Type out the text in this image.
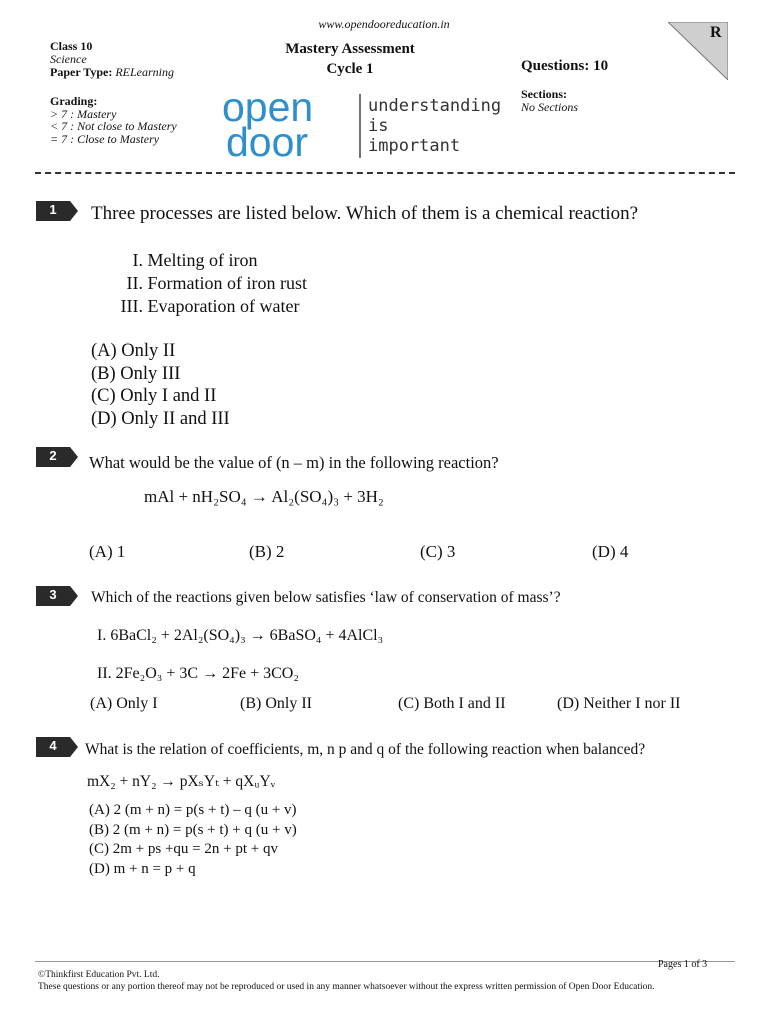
www.opendooreducation.in
Class 10
Science
Paper Type: RELearning
Grading:
> 7 : Mastery
< 7 : Not close to Mastery
= 7 : Close to Mastery
Mastery Assessment
Cycle 1	Questions: 10
Sections:
No Sections
R
open
door
understanding
is
important
1	Three processes are listed below. Which of them is a chemical reaction?
I.
Melting of iron
II.
Formation of iron rust
III.
Evaporation of water
(A) Only II
(B) Only III
(C) Only I and II
(D) Only II and III
2	What would be the value of (n – m) in the following reaction?
mAl + nH₂SO₄ → Al₂(SO₄)₃ + 3H₂
(A) 1	(B) 2	(C) 3	(D) 4
3	Which of the reactions given below satisfies ‘law of conservation of mass’?
I. 6BaCl₂ + 2Al₂(SO₄)₃ → 6BaSO₄ + 4AlCl₃
II. 2Fe₂O₃ + 3C → 2Fe + 3CO₂
(A) Only I	(B) Only II	(C) Both I and II	(D) Neither I nor II
4	What is the relation of coefficients, m, n p and q of the following reaction when balanced?
mX₂ + nY₂ → pXₛYₜ + qXᵤYᵥ
(A) 2 (m + n) = p(s + t) – q (u + v)
(B) 2 (m + n) = p(s + t) + q (u + v)
(C) 2m + ps +qu = 2n + pt + qv
(D) m + n = p + q
Pages 1 of 3
©Thinkfirst Education Pvt. Ltd.
These questions or any portion thereof may not be reproduced or used in any manner whatsoever without the express written permission of Open Door Education.
